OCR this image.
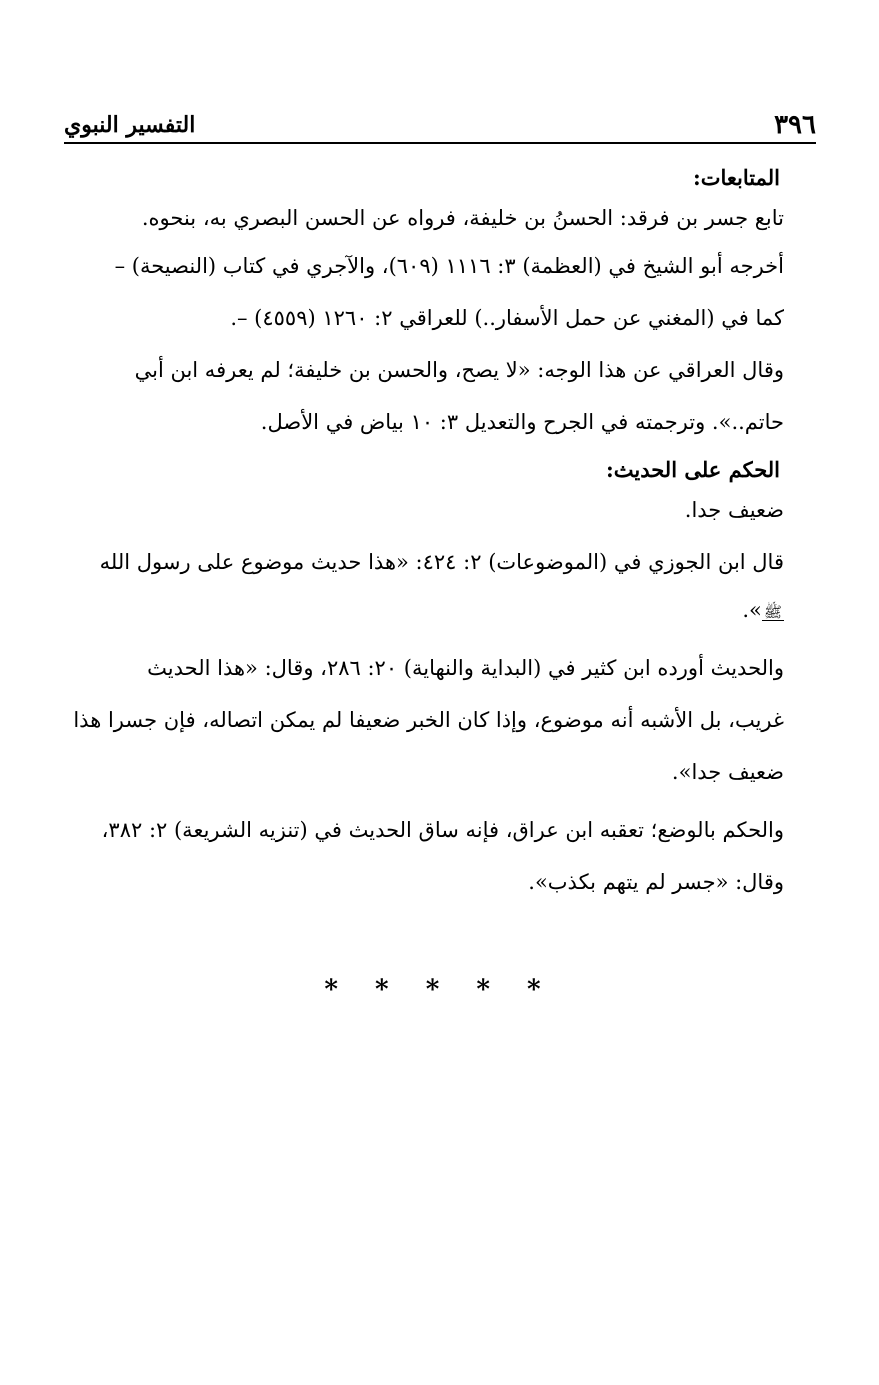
٣٩٦
التفسير النبوي

المتابعات:

تابع جسر بن فرقد: الحسنُ بن خليفة، فرواه عن الحسن البصري به، بنحوه.

أخرجه أبو الشيخ في (العظمة) ٣: ١١١٦ (٦٠٩)، والآجري في كتاب (النصيحة) –

كما في (المغني عن حمل الأسفار..) للعراقي ٢: ١٢٦٠ (٤٥٥٩) –.

وقال العراقي عن هذا الوجه: «لا يصح، والحسن بن خليفة؛ لم يعرفه ابن أبي

حاتم..». وترجمته في الجرح والتعديل ٣: ١٠ بياض في الأصل.

الحكم على الحديث:

ضعيف جدا.

قال ابن الجوزي في (الموضوعات) ٢: ٤٢٤: «هذا حديث موضوع على رسول الله

ﷺ».

والحديث أورده ابن كثير في (البداية والنهاية) ٢٠: ٢٨٦، وقال: «هذا الحديث

غريب، بل الأشبه أنه موضوع، وإذا كان الخبر ضعيفا لم يمكن اتصاله، فإن جسرا هذا

ضعيف جدا».

والحكم بالوضع؛ تعقبه ابن عراق، فإنه ساق الحديث في (تنزيه الشريعة) ٢: ٣٨٢،

وقال: «جسر لم يتهم بكذب».

* * * * *
